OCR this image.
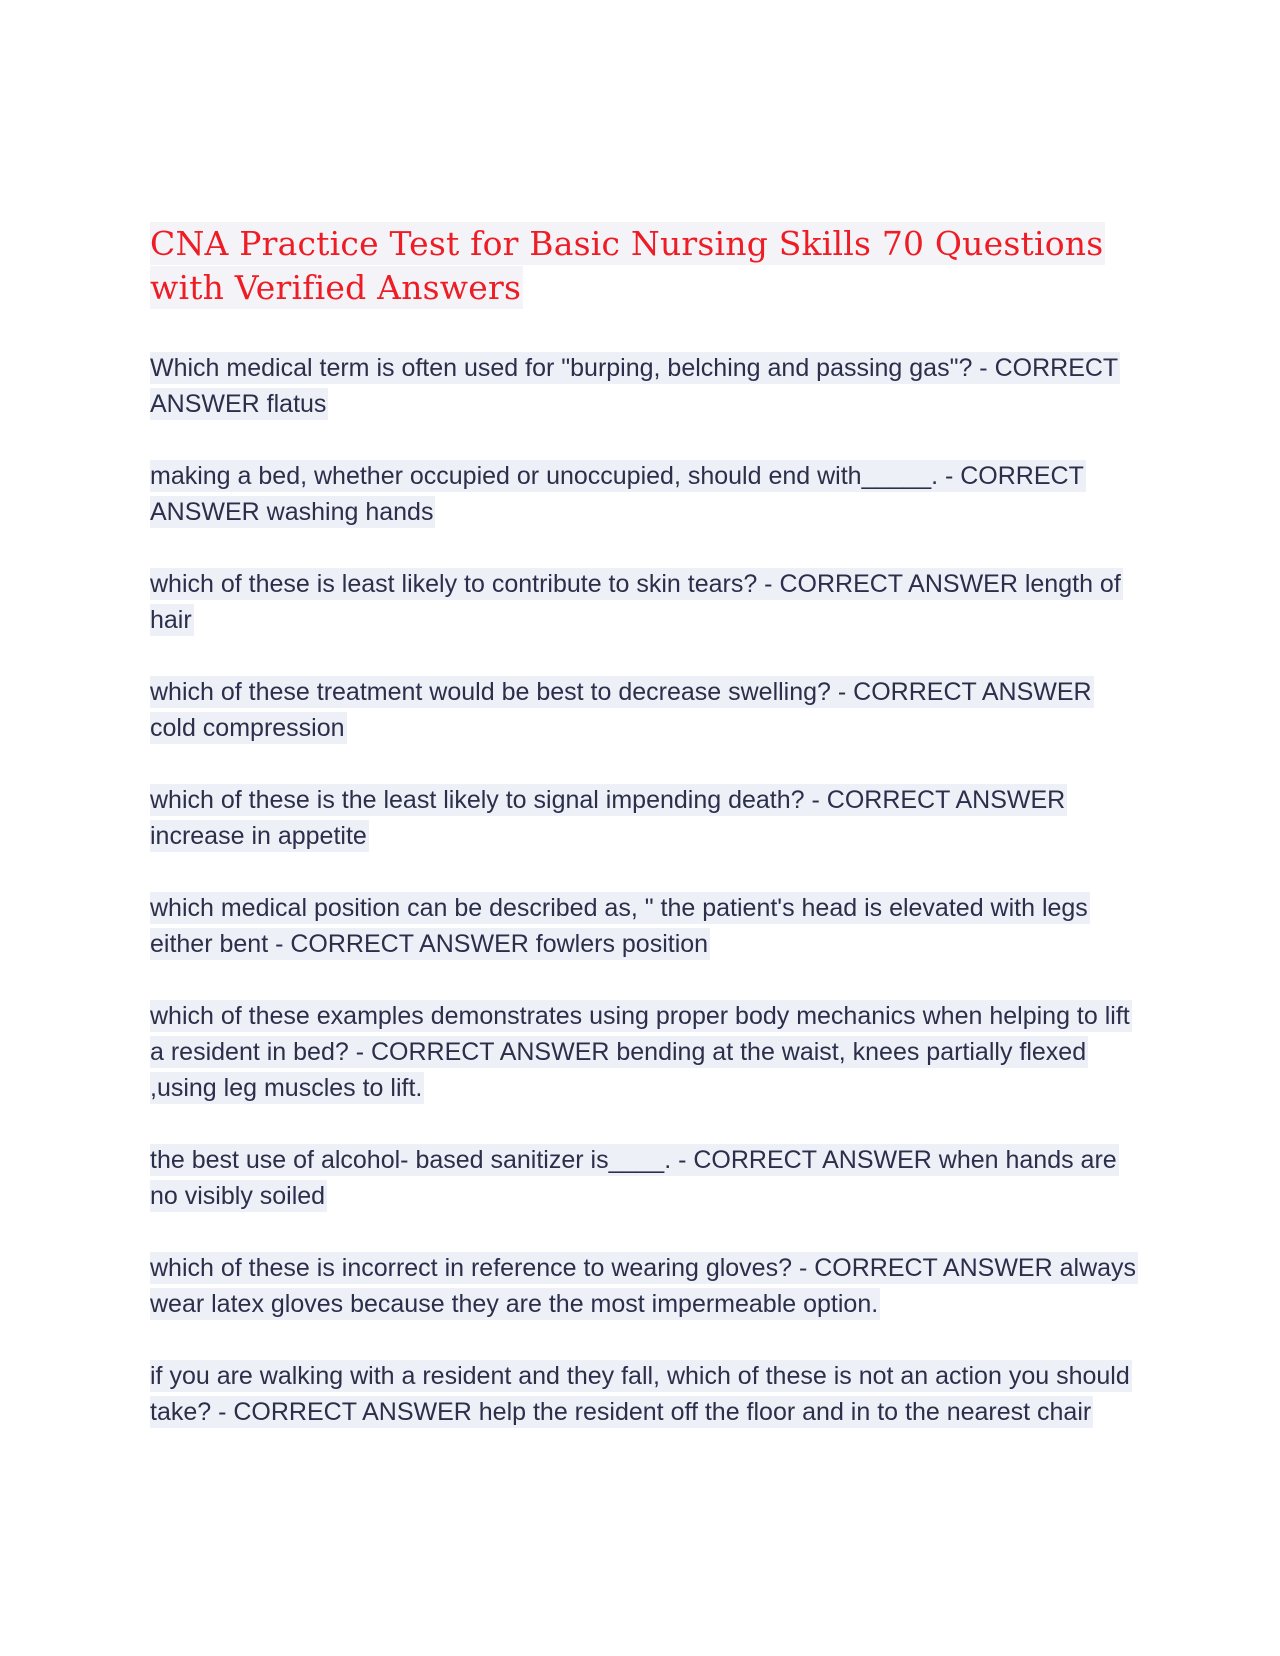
CNA Practice Test for Basic Nursing Skills 70 Questions with Verified Answers
Which medical term is often used for "burping, belching and passing gas"? - CORRECT ANSWER flatus
making a bed, whether occupied or unoccupied, should end with_____. - CORRECT ANSWER washing hands
which of these is least likely to contribute to skin tears? - CORRECT ANSWER length of hair
which of these treatment would be best to decrease swelling? - CORRECT ANSWER cold compression
which of these is the least likely to signal impending death? - CORRECT ANSWER increase in appetite
which medical position can be described as, " the patient's head is elevated with legs either bent - CORRECT ANSWER fowlers position
which of these examples demonstrates using proper body mechanics when helping to lift a resident in bed? - CORRECT ANSWER bending at the waist, knees partially flexed ,using leg muscles to lift.
the best use of alcohol- based sanitizer is____. - CORRECT ANSWER when hands are no visibly soiled
which of these is incorrect in reference to wearing gloves? - CORRECT ANSWER always wear latex gloves because they are the most impermeable option.
if you are walking with a resident and they fall, which of these is not an action you should take? - CORRECT ANSWER help the resident off the floor and in to the nearest chair
